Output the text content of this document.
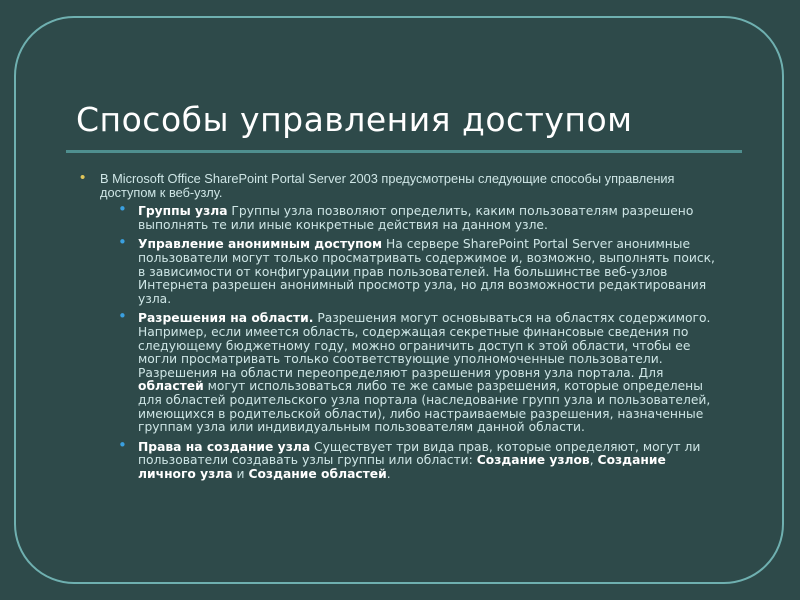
Способы управления доступом
• В Microsoft Office SharePoint Portal Server 2003 предусмотрены следующие способы управления доступом к веб-узлу.
• Группы узла Группы узла позволяют определить, каким пользователям разрешено выполнять те или иные конкретные действия на данном узле.
• Управление анонимным доступом На сервере SharePoint Portal Server анонимные пользователи могут только просматривать содержимое и, возможно, выполнять поиск, в зависимости от конфигурации прав пользователей. На большинстве веб-узлов Интернета разрешен анонимный просмотр узла, но для возможности редактирования узла.
• Разрешения на области. Разрешения могут основываться на областях содержимого. Например, если имеется область, содержащая секретные финансовые сведения по следующему бюджетному году, можно ограничить доступ к этой области, чтобы ее могли просматривать только соответствующие уполномоченные пользователи. Разрешения на области переопределяют разрешения уровня узла портала. Для областей могут использоваться либо те же самые разрешения, которые определены для областей родительского узла портала (наследование групп узла и пользователей, имеющихся в родительской области), либо настраиваемые разрешения, назначенные группам узла или индивидуальным пользователям данной области.
• Права на создание узла Существует три вида прав, которые определяют, могут ли пользователи создавать узлы группы или области: Создание узлов, Создание личного узла и Создание областей.
